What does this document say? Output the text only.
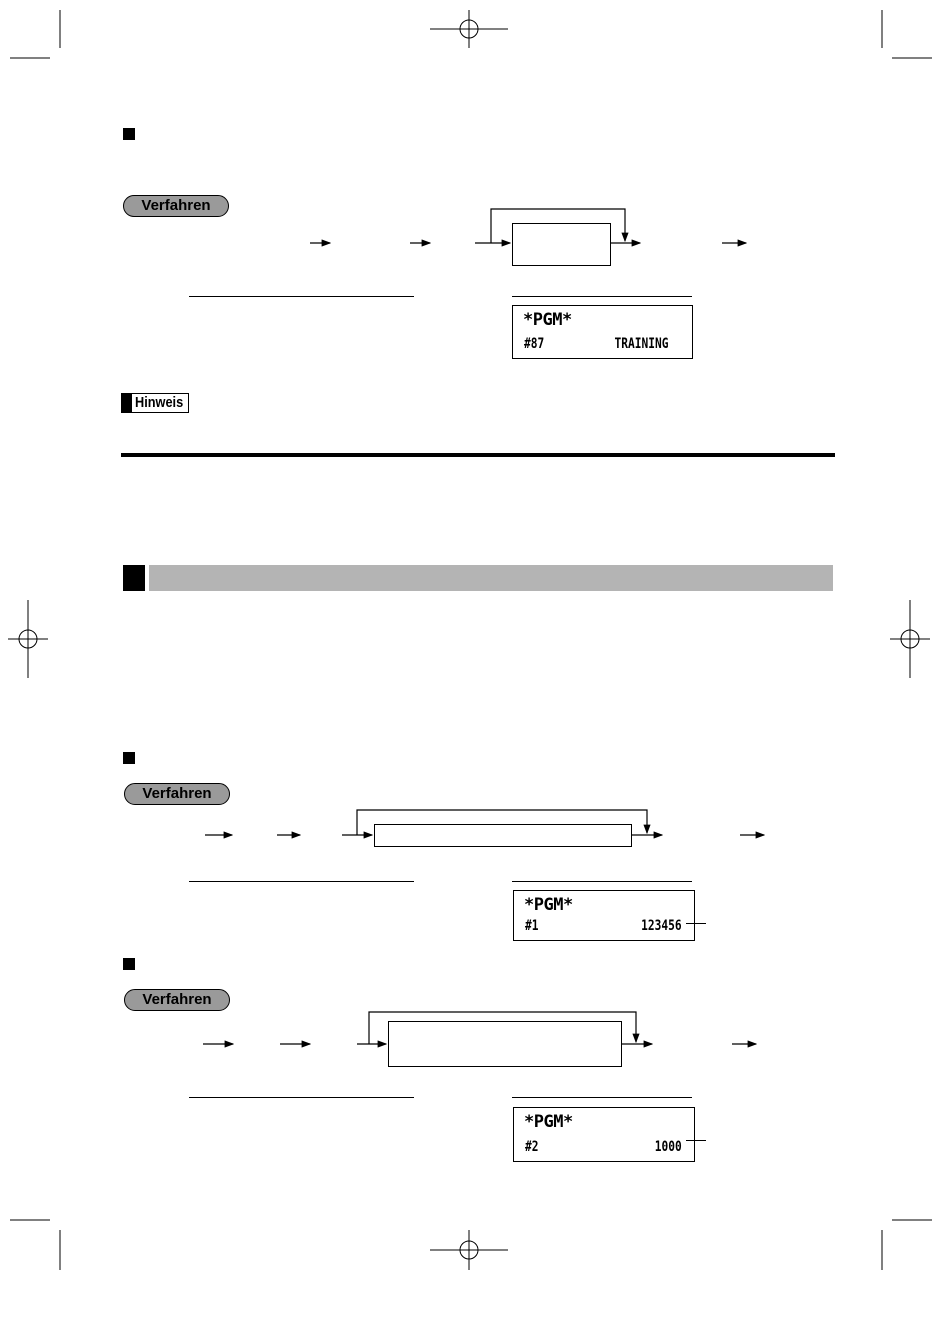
Verfahren
*PGM*
#87	TRAINING
Hinweis
Verfahren
*PGM*
#1	123456
Verfahren
*PGM*
#2	1000
